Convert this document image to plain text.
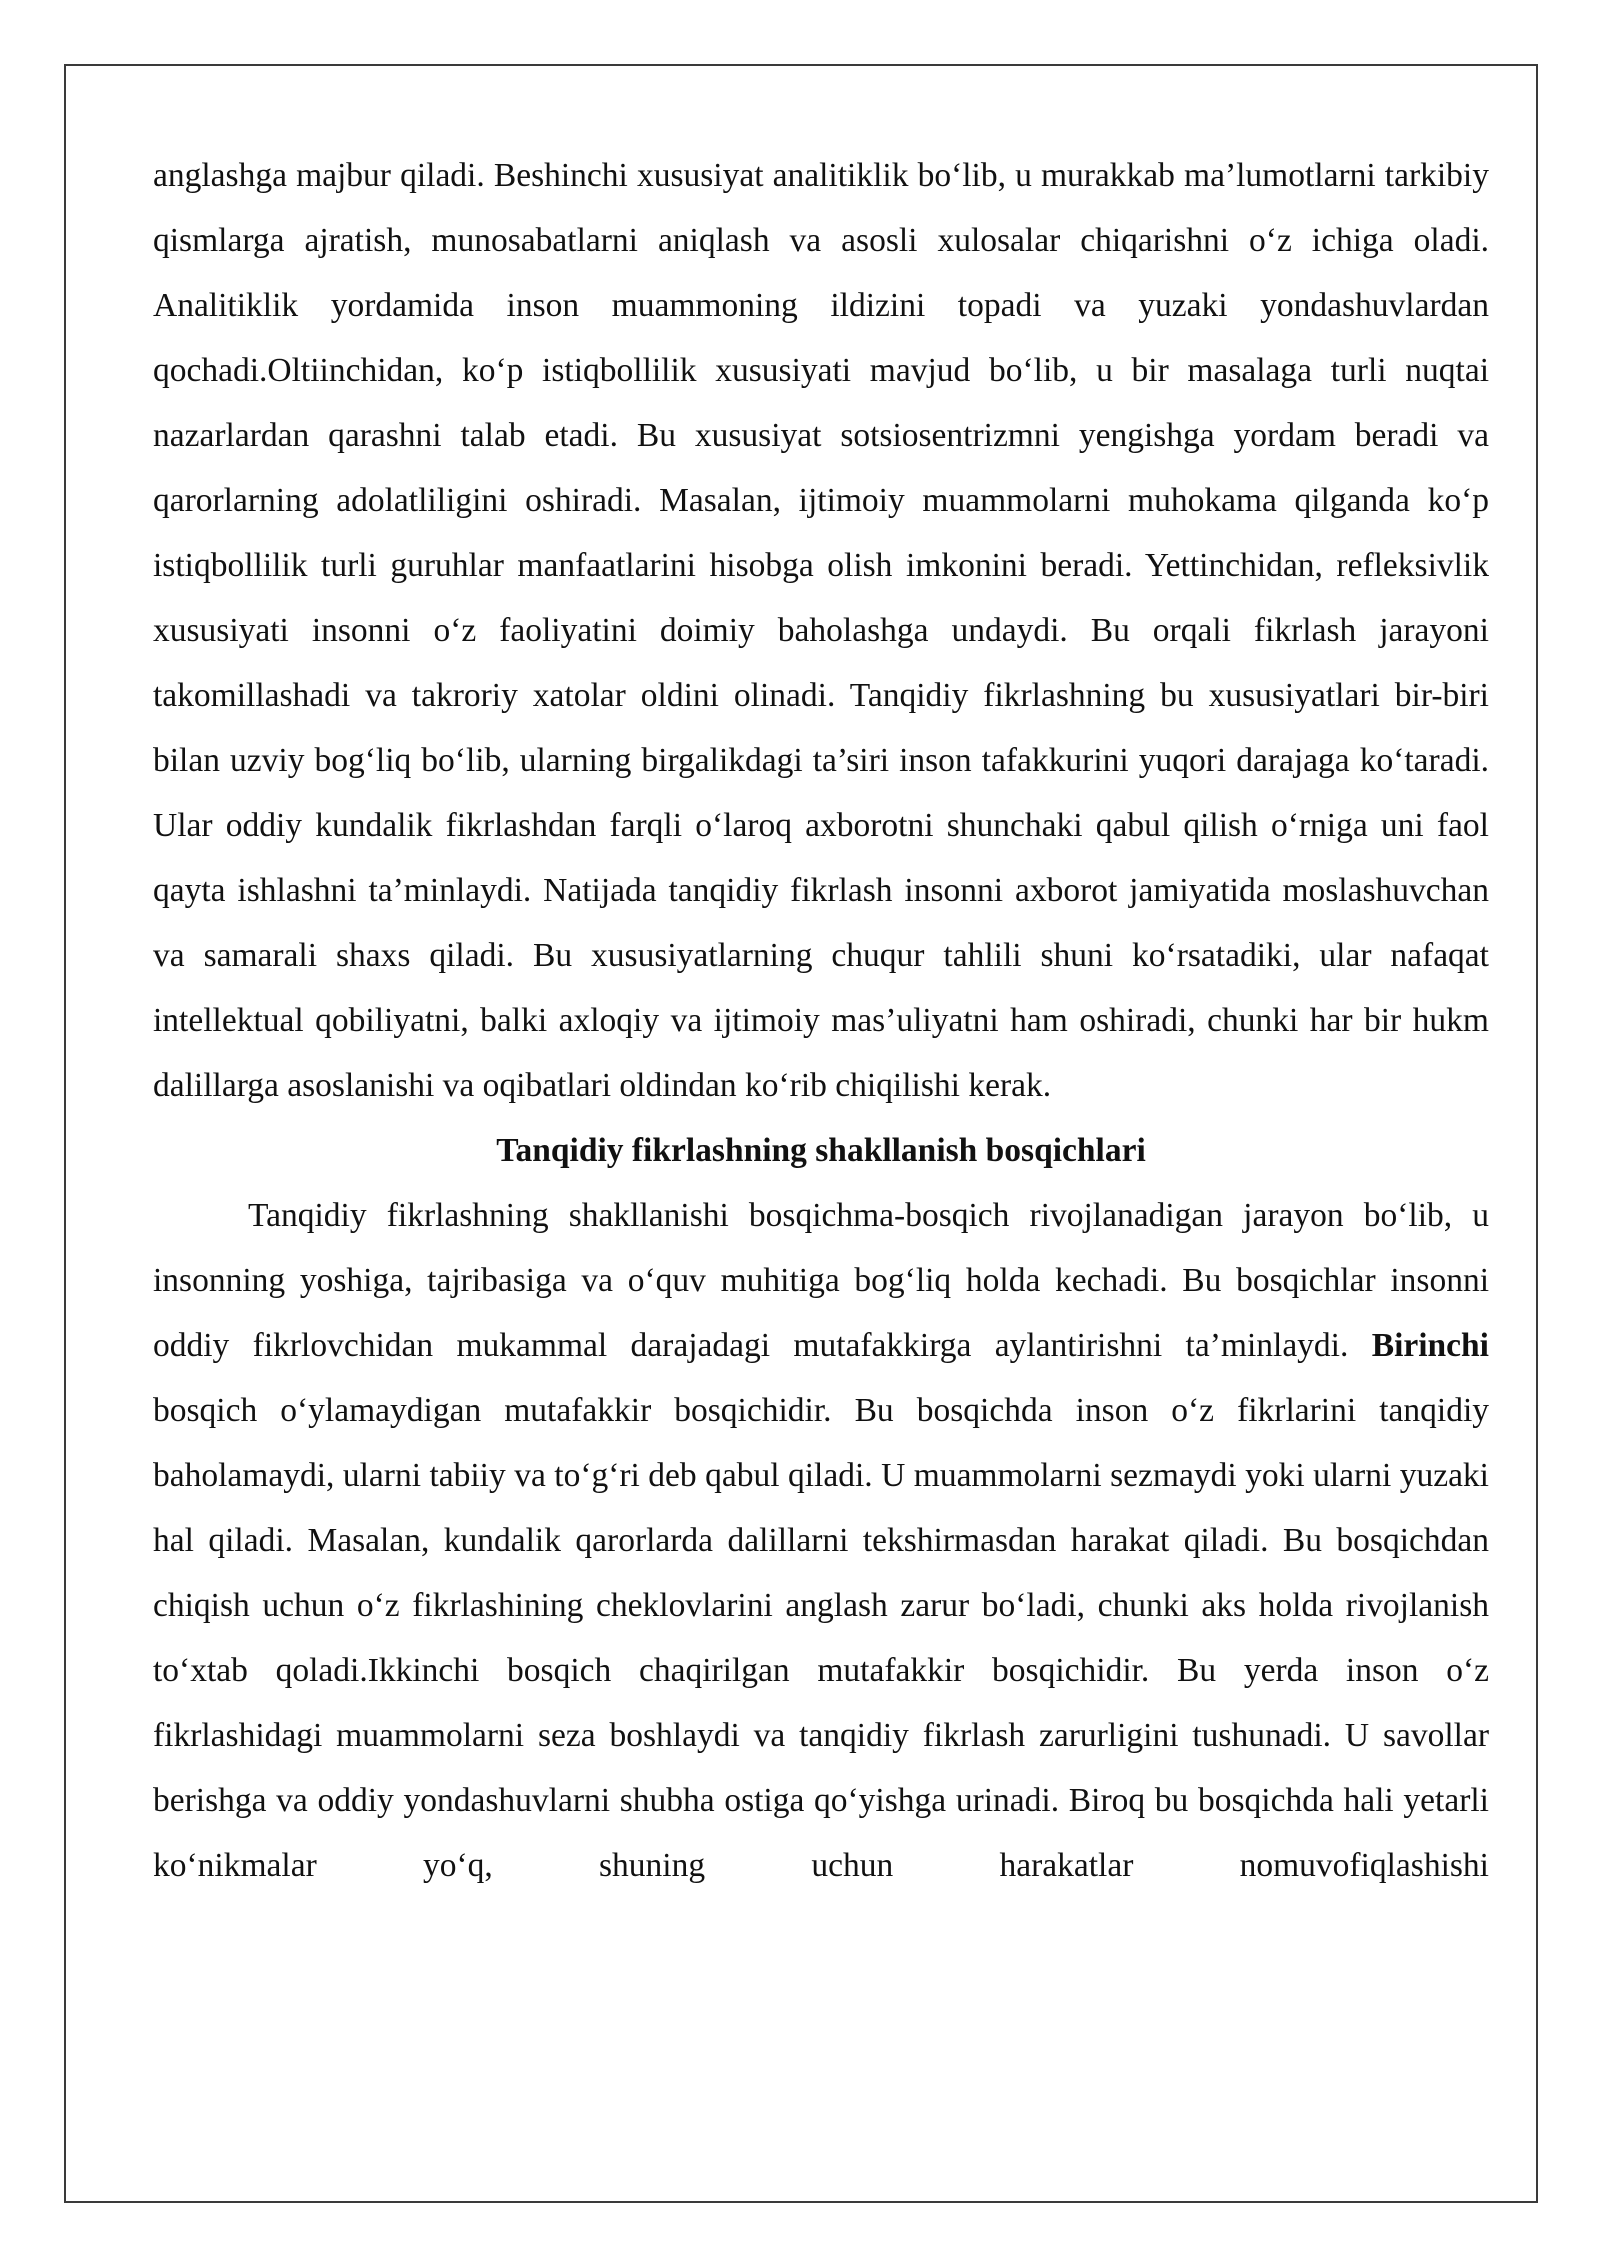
anglashga majbur qiladi. Beshinchi xususiyat analitiklik bo‘lib, u murakkab ma’lumotlarni tarkibiy qismlarga ajratish, munosabatlarni aniqlash va asosli xulosalar chiqarishni o‘z ichiga oladi. Analitiklik yordamida inson muammoning ildizini topadi va yuzaki yondashuvlardan qochadi.Oltiinchidan, ko‘p istiqbollilik xususiyati mavjud bo‘lib, u bir masalaga turli nuqtai nazarlardan qarashni talab etadi. Bu xususiyat sotsiosentrizmni yengishga yordam beradi va qarorlarning adolatliligini oshiradi. Masalan, ijtimoiy muammolarni muhokama qilganda ko‘p istiqbollilik turli guruhlar manfaatlarini hisobga olish imkonini beradi. Yettinchidan, refleksivlik xususiyati insonni o‘z faoliyatini doimiy baholashga undaydi. Bu orqali fikrlash jarayoni takomillashadi va takroriy xatolar oldini olinadi. Tanqidiy fikrlashning bu xususiyatlari bir-biri bilan uzviy bog‘liq bo‘lib, ularning birgalikdagi ta’siri inson tafakkurini yuqori darajaga ko‘taradi. Ular oddiy kundalik fikrlashdan farqli o‘laroq axborotni shunchaki qabul qilish o‘rniga uni faol qayta ishlashni ta’minlaydi. Natijada tanqidiy fikrlash insonni axborot jamiyatida moslashuvchan va samarali shaxs qiladi. Bu xususiyatlarning chuqur tahlili shuni ko‘rsatadiki, ular nafaqat intellektual qobiliyatni, balki axloqiy va ijtimoiy mas’uliyatni ham oshiradi, chunki har bir hukm dalillarga asoslanishi va oqibatlari oldindan ko‘rib chiqilishi kerak.

Tanqidiy fikrlashning shakllanish bosqichlari

Tanqidiy fikrlashning shakllanishi bosqichma-bosqich rivojlanadigan jarayon bo‘lib, u insonning yoshiga, tajribasiga va o‘quv muhitiga bog‘liq holda kechadi. Bu bosqichlar insonni oddiy fikrlovchidan mukammal darajadagi mutafakkirga aylantirishni ta’minlaydi. Birinchi bosqich o‘ylamaydigan mutafakkir bosqichidir. Bu bosqichda inson o‘z fikrlarini tanqidiy baholamaydi, ularni tabiiy va to‘g‘ri deb qabul qiladi. U muammolarni sezmaydi yoki ularni yuzaki hal qiladi. Masalan, kundalik qarorlarda dalillarni tekshirmasdan harakat qiladi. Bu bosqichdan chiqish uchun o‘z fikrlashining cheklovlarini anglash zarur bo‘ladi, chunki aks holda rivojlanish to‘xtab qoladi.Ikkinchi bosqich chaqirilgan mutafakkir bosqichidir. Bu yerda inson o‘z fikrlashidagi muammolarni seza boshlaydi va tanqidiy fikrlash zarurligini tushunadi. U savollar berishga va oddiy yondashuvlarni shubha ostiga qo‘yishga urinadi. Biroq bu bosqichda hali yetarli ko‘nikmalar yo‘q, shuning uchun harakatlar nomuvofiqlashishi
